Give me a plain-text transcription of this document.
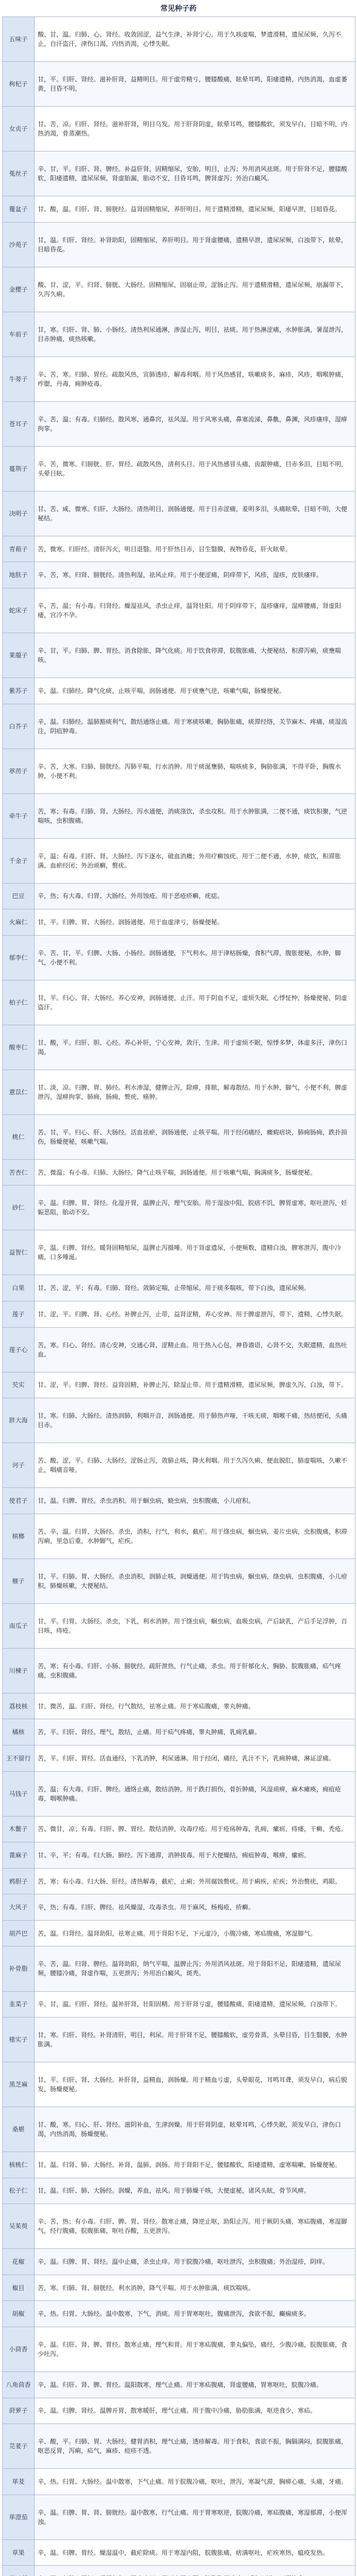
常见种子药
五味子	酸、甘，温。归肺、心、肾经。收敛固涩，益气生津，补肾宁心。用于久咳虚喘，梦遗滑精，遗尿尿频，久泻不止，自汗盗汗，津伤口渴，内热消渴，心悸失眠。
枸杞子	甘，平。归肝、肾经。滋补肝肾，益精明目。用于虚劳精亏，腰膝酸痛，眩晕耳鸣，阳痿遗精，内热消渴，血虚萎黄，目昏不明。
女贞子	甘、苦，凉。归肝、肾经。滋补肝肾，明目乌发。用于肝肾阴虚，眩晕耳鸣，腰膝酸软，须发早白，目暗不明，内热消渴，骨蒸潮热。
菟丝子	辛、甘，平。归肝、肾、脾经。补益肝肾，固精缩尿，安胎，明目，止泻；外用消风祛斑。用于肝肾不足，腰膝酸软，阳痿遗精，遗尿尿频，肾虚胎漏，胎动不安，目昏耳鸣，脾肾虚泻；外治白癜风。
覆盆子	甘、酸，温。归肝、肾、膀胱经。益肾固精缩尿，养肝明目。用于遗精滑精，遗尿尿频，阳痿早泄，目暗昏花。
沙苑子	甘，温。归肝、肾经。补肾助阳，固精缩尿，养肝明目。用于肾虚腰痛，遗精早泄，遗尿尿频，白浊带下，眩晕，目暗昏花。
金樱子	酸、甘、涩，平。归肾、膀胱、大肠经。固精缩尿，固崩止带，涩肠止泻。用于遗精滑精，遗尿尿频，崩漏带下，久泻久痢。
车前子	甘，寒。归肝、肾、肺、小肠经。清热利尿通淋，渗湿止泻，明目，祛痰。用于热淋涩痛，水肿胀满，暑湿泄泻，目赤肿痛，痰热咳嗽。
牛蒡子	辛、苦，寒。归肺、胃经。疏散风热，宣肺透疹，解毒利咽。用于风热感冒，咳嗽痰多，麻疹，风疹，咽喉肿痛，痄腮，丹毒，痈肿疮毒。
苍耳子	辛、苦，温；有毒。归肺经。散风寒，通鼻窍，祛风湿。用于风寒头痛，鼻塞流涕，鼻鼽，鼻渊，风疹瘙痒，湿痹拘挛。
蔓荆子	辛、苦，微寒。归膀胱、肝、胃经。疏散风热，清利头目。用于风热感冒头痛，齿龈肿痛，目赤多泪，目暗不明，头晕目眩。
决明子	甘、苦、咸，微寒。归肝、大肠经。清热明目，润肠通便。用于目赤涩痛，羞明多泪，头痛眩晕，目暗不明，大便秘结。
青葙子	苦，微寒。归肝经。清肝泻火，明目退翳。用于肝热目赤，目生翳膜，视物昏花，肝火眩晕。
地肤子	辛、苦，寒。归肾、膀胱经。清热利湿，祛风止痒。用于小便涩痛，阴痒带下，风疹，湿疹，皮肤瘙痒。
蛇床子	辛、苦，温；有小毒。归肾经。燥湿祛风，杀虫止痒，温肾壮阳。用于阴痒带下，湿疹瘙痒，湿痹腰痛，肾虚阳痿，宫冷不孕。
莱菔子	辛、甘，平。归肺、脾、胃经。消食除胀，降气化痰。用于饮食停滞，脘腹胀痛，大便秘结，积滞泻痢，痰壅喘咳。
紫苏子	辛，温。归肺经。降气化痰，止咳平喘，润肠通便。用于痰壅气逆，咳嗽气喘，肠燥便秘。
白芥子	辛，温。归肺经。温肺豁痰利气，散结通络止痛。用于寒痰咳嗽，胸胁胀痛，痰滞经络，关节麻木、疼痛，痰湿流注，阴疽肿毒。
葶苈子	辛、苦，大寒。归肺、膀胱经。泻肺平喘，行水消肿。用于痰涎壅肺，喘咳痰多，胸胁胀满，不得平卧，胸腹水肿，小便不利。
牵牛子	苦，寒；有毒。归肺、肾、大肠经。泻水通便，消痰涤饮，杀虫攻积。用于水肿胀满，二便不通，痰饮积聚，气逆喘咳，虫积腹痛。
千金子	辛，温；有毒。归肝、肾、大肠经。泻下逐水，破血消癥；外用疗癣蚀疣。用于二便不通，水肿，痰饮，积滞胀满，血瘀经闭；外治顽癣，赘疣。
巴豆	辛，热；有大毒。归胃、大肠经。外用蚀疮。用于恶疮疥癣，疣痣。
火麻仁	甘，平。归脾、胃、大肠经。润肠通便。用于血虚津亏，肠燥便秘。
郁李仁	辛、苦、甘，平。归脾、大肠、小肠经。润肠通便，下气利水。用于津枯肠燥，食积气滞，腹胀便秘，水肿，脚气，小便不利。
柏子仁	甘，平。归心、肾、大肠经。养心安神，润肠通便，止汗。用于阴血不足，虚烦失眠，心悸怔忡，肠燥便秘，阴虚盗汗。
酸枣仁	甘、酸，平。归肝、胆、心经。养心补肝，宁心安神，敛汗，生津。用于虚烦不眠，惊悸多梦，体虚多汗，津伤口渴。
薏苡仁	甘、淡，凉。归脾、胃、肺经。利水渗湿，健脾止泻，除痹，排脓，解毒散结。用于水肿，脚气，小便不利，脾虚泄泻，湿痹拘挛，肺痈，肠痈，赘疣，癌肿。
桃仁	苦、甘，平。归心、肝、大肠经。活血祛瘀，润肠通便，止咳平喘。用于经闭痛经，癥瘕痞块，肺痈肠痈，跌扑损伤，肠燥便秘，咳嗽气喘。
苦杏仁	苦，微温；有小毒。归肺、大肠经。降气止咳平喘，润肠通便。用于咳嗽气喘，胸满痰多，肠燥便秘。
砂仁	辛，温。归脾、胃、肾经。化湿开胃，温脾止泻，理气安胎。用于湿浊中阻，脘痞不饥，脾胃虚寒，呕吐泄泻，妊娠恶阻，胎动不安。
益智仁	辛，温。归脾、肾经。暖肾固精缩尿，温脾止泻摄唾。用于肾虚遗尿，小便频数，遗精白浊，脾寒泄泻，腹中冷痛，口多唾涎。
白果	甘、苦、涩，平；有毒。归肺、肾经。敛肺定喘，止带缩尿。用于痰多喘咳，带下白浊，遗尿尿频。
莲子	甘、涩，平。归脾、肾、心经。补脾止泻，止带，益肾涩精，养心安神。用于脾虚泄泻，带下，遗精，心悸失眠。
莲子心	苦，寒。归心、肾经。清心安神，交通心肾，涩精止血。用于热入心包，神昏谵语，心肾不交，失眠遗精，血热吐血。
芡实	甘、涩，平。归脾、肾经。益肾固精，补脾止泻，除湿止带。用于遗精滑精，遗尿尿频，脾虚久泻，白浊，带下。
胖大海	甘，寒。归肺、大肠经。清热润肺，利咽开音，润肠通便。用于肺热声哑，干咳无痰，咽喉干痛，热结便闭，头痛目赤。
诃子	苦、酸、涩，平。归肺、大肠经。涩肠止泻，敛肺止咳，降火利咽。用于久泻久痢，便血脱肛，肺虚喘咳，久嗽不止，咽痛音哑。
使君子	甘，温。归脾、胃经。杀虫消积。用于蛔虫病，蛲虫病，虫积腹痛，小儿疳积。
槟榔	苦、辛，温。归胃、大肠经。杀虫，消积，行气，利水，截疟。用于绦虫病，蛔虫病，姜片虫病，虫积腹痛，积滞泻痢，里急后重，水肿脚气，疟疾。
榧子	甘，平。归肺、胃、大肠经。杀虫消积，润肺止咳，润燥通便。用于钩虫病，蛔虫病，绦虫病，虫积腹痛，小儿疳积，肺燥咳嗽，大便秘结。
南瓜子	甘，平。归胃、大肠经。杀虫，下乳，利水消肿。用于绦虫病，蛔虫病，血吸虫病，产后缺乳，产后手足浮肿，百日咳，痔疮。
川楝子	苦，寒；有小毒。归肝、小肠、膀胱经。疏肝泄热，行气止痛，杀虫。用于肝郁化火，胸胁、脘腹胀痛，疝气疼痛，虫积腹痛。
荔枝核	甘、微苦，温。归肝、肾经。行气散结，祛寒止痛。用于寒疝腹痛，睾丸肿痛。
橘核	苦，平。归肝、肾经。理气，散结，止痛。用于疝气疼痛，睾丸肿痛，乳痈乳癖。
王不留行	苦，平。归肝、胃经。活血通经，下乳消肿，利尿通淋。用于经闭，痛经，乳汁不下，乳痈肿痛，淋证涩痛。
马钱子	苦，温；有大毒。归肝、脾经。通络止痛，散结消肿。用于跌打损伤，骨折肿痛，风湿顽痹，麻木瘫痪，痈疽疮毒，咽喉肿痛。
木鳖子	苦、微甘，凉；有毒。归肝、脾、胃经。散结消肿，攻毒疗疮。用于疮疡肿毒，乳痈，瘰疬，痔瘘，干癣，秃疮。
蓖麻子	甘、辛，平；有毒。归大肠、肺经。泻下通滞，消肿拔毒。用于大便燥结，痈疽肿毒，喉痹，瘰疬。
鸦胆子	苦，寒；有小毒。归大肠、肝经。清热解毒，截疟，止痢；外用腐蚀赘疣。用于痢疾，疟疾；外治赘疣，鸡眼。
大风子	辛，热；有毒。归肝、脾经。祛风燥湿，攻毒杀虫。用于麻风，杨梅疮，疥癣。
胡芦巴	苦，温。归肾经。温肾助阳，祛寒止痛。用于肾阳不足，下元虚冷，小腹冷痛，寒疝腹痛，寒湿脚气。
补骨脂	辛、苦，温。归肾、脾经。温肾助阳，纳气平喘，温脾止泻；外用消风祛斑。用于肾阳不足，阳痿遗精，遗尿尿频，腰膝冷痛，肾虚作喘，五更泄泻；外用治白癜风，斑秃。
韭菜子	辛、甘，温。归肝、肾经。温补肝肾，壮阳固精。用于肝肾亏虚，腰膝酸痛，阳痿遗精，遗尿尿频，白浊带下。
楮实子	甘，寒。归肝、肾经。补肾清肝，明目，利尿。用于肝肾不足，腰膝酸软，虚劳骨蒸，头晕目昏，目生翳膜，水肿胀满。
黑芝麻	甘，平。归肝、肾、大肠经。补肝肾，益精血，润肠燥。用于精血亏虚，头晕眼花，耳鸣耳聋，须发早白，病后脱发，肠燥便秘。
桑椹	甘、酸，寒。归心、肝、肾经。滋阴补血，生津润燥。用于肝肾阴虚，眩晕耳鸣，心悸失眠，须发早白，津伤口渴，内热消渴，肠燥便秘。
核桃仁	甘，温。归肾、肺、大肠经。补肾，温肺，润肠。用于肾阳不足，腰膝酸软，阳痿遗精，虚寒喘嗽，肠燥便秘。
松子仁	甘，温。归肝、肺、大肠经。润燥，养血，祛风。用于肺燥干咳，大便虚秘，诸风头眩，骨节风痹。
吴茱萸	辛、苦，热；有小毒。归肝、脾、胃、肾经。散寒止痛，降逆止呕，助阳止泻。用于厥阴头痛，寒疝腹痛，寒湿脚气，经行腹痛，脘腹胀痛，呕吐吞酸，五更泄泻。
花椒	辛，温。归脾、胃、肾经。温中止痛，杀虫止痒。用于脘腹冷痛，呕吐泄泻，虫积腹痛；外治湿疹，阴痒。
椒目	苦，寒。归肺、肾、膀胱经。利水消肿，降气平喘。用于水肿胀满，痰饮喘咳。
胡椒	辛，热。归胃、大肠经。温中散寒，下气，消痰。用于胃寒呕吐，腹痛泄泻，食欲不振，癫痫痰多。
小茴香	辛，温。归肝、肾、脾、胃经。散寒止痛，理气和胃。用于寒疝腹痛，睾丸偏坠，痛经，少腹冷痛，脘腹胀痛，食少吐泻。
八角茴香	辛，温。归肝、肾、脾、胃经。温阳散寒，理气止痛。用于寒疝腹痛，肾虚腰痛，胃寒呕吐，脘腹冷痛。
莳萝子	辛，温。归脾、肾经。温脾开胃，散寒暖肝，理气止痛。用于腹中冷痛，胁肋胀满，呕逆食少，寒疝。
芫荽子	辛、酸，平。归肺、胃、大肠经。健胃消积，理气止痛，透疹解毒。用于食积，食欲不振，胸膈满闷，脘腹胀痛，呕恶反胃，泻痢，疝气，麻疹、痘疹不透。
荜茇	辛，热。归胃、大肠经。温中散寒，下气止痛。用于脘腹冷痛，呕吐，泄泻，寒凝气滞，胸痹心痛，头痛，牙痛。
荜澄茄	辛，温。归脾、胃、肾、膀胱经。温中散寒，行气止痛。用于胃寒呕逆，脘腹冷痛，寒疝腹痛，寒湿郁滞，小便浑浊。
草果	辛，温。归脾、胃经。燥湿温中，截疟除痰。用于寒湿内阻，脘腹胀痛，痞满呕吐，疟疾寒热，瘟疫发热。
